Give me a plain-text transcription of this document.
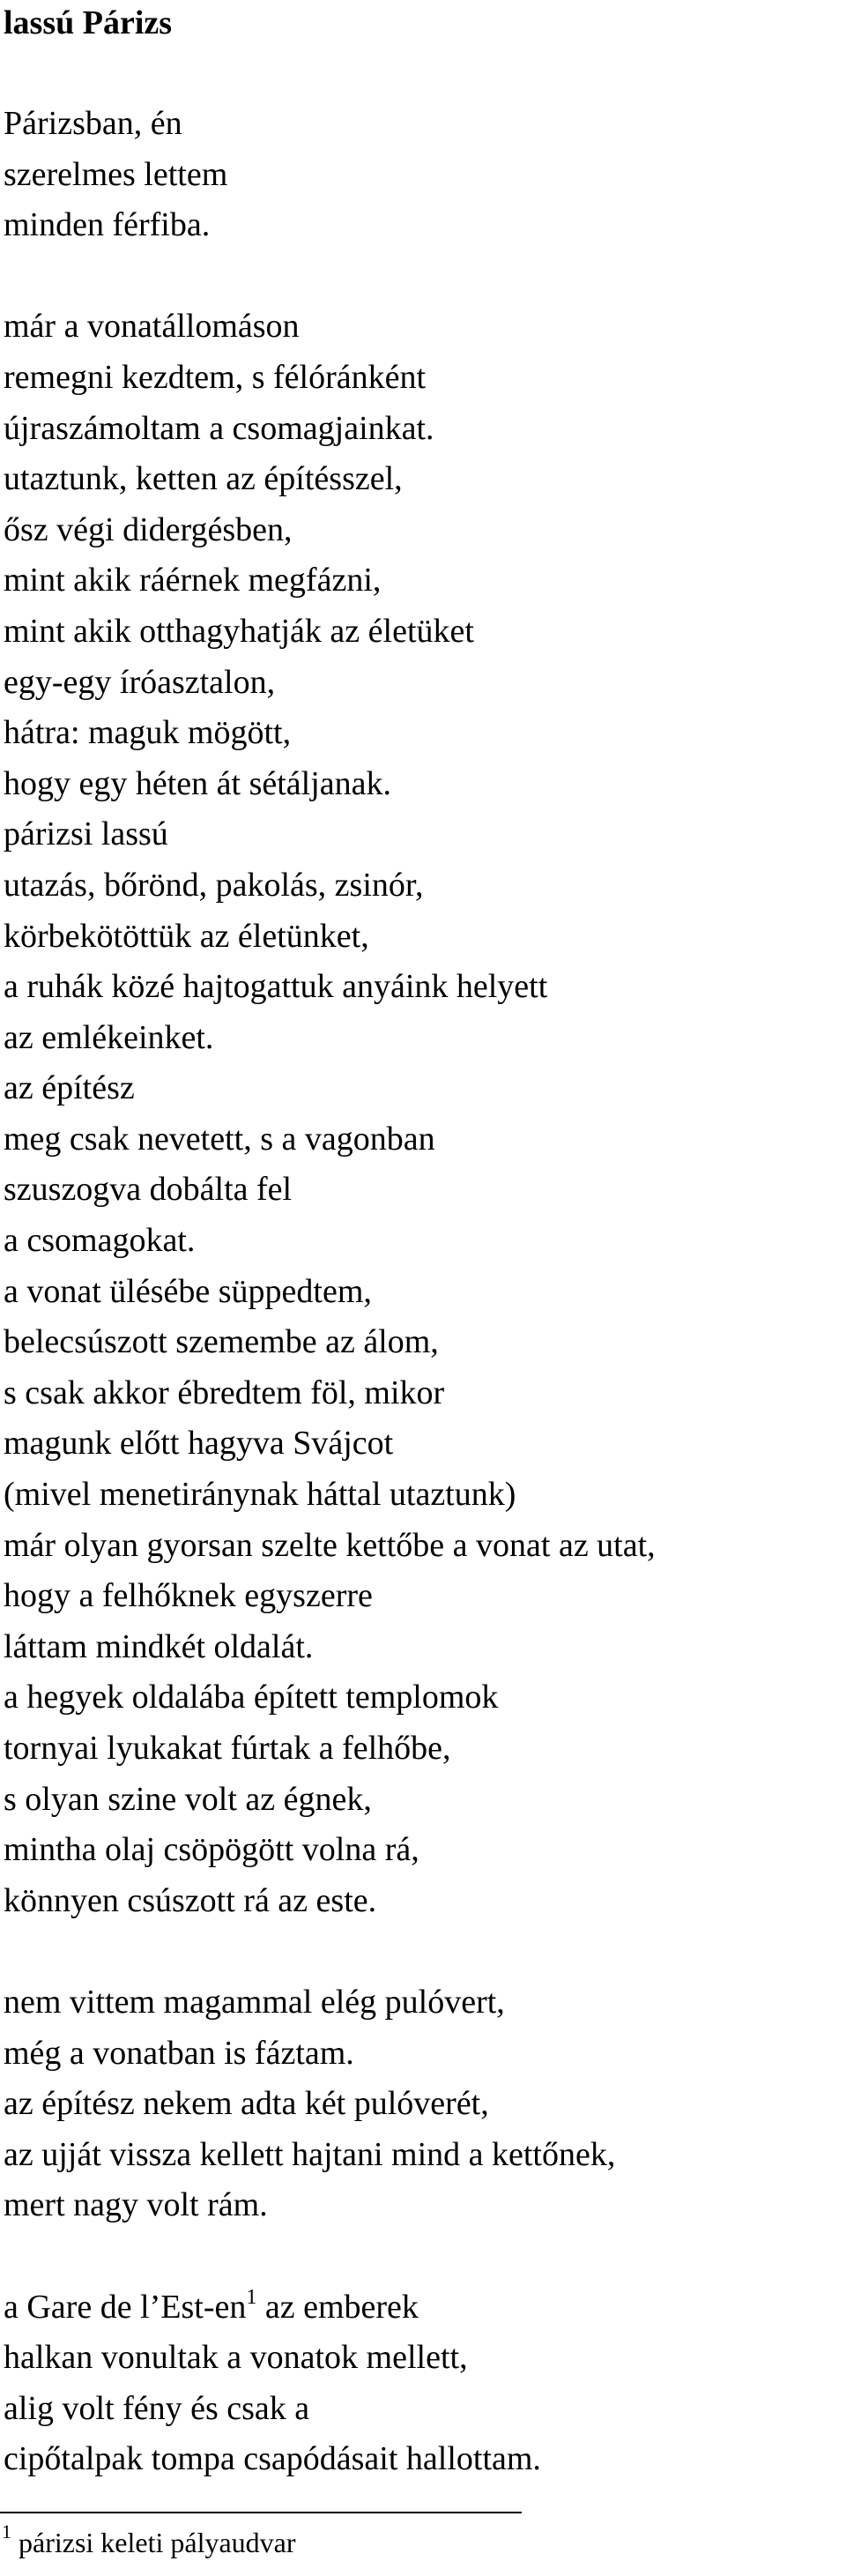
lassú Párizs
Párizsban, én
szerelmes lettem
minden férfiba.
már a vonatállomáson
remegni kezdtem, s félóránként
újraszámoltam a csomagjainkat.
utaztunk, ketten az építésszel,
ősz végi didergésben,
mint akik ráérnek megfázni,
mint akik otthagyhatják az életüket
egy-egy íróasztalon,
hátra: maguk mögött,
hogy egy héten át sétáljanak.
párizsi lassú
utazás, bőrönd, pakolás, zsinór,
körbekötöttük az életünket,
a ruhák közé hajtogattuk anyáink helyett
az emlékeinket.
az építész
meg csak nevetett, s a vagonban
szuszogva dobálta fel
a csomagokat.
a vonat ülésébe süppedtem,
belecsúszott szemembe az álom,
s csak akkor ébredtem föl, mikor
magunk előtt hagyva Svájcot
(mivel menetiránynak háttal utaztunk)
már olyan gyorsan szelte kettőbe a vonat az utat,
hogy a felhőknek egyszerre
láttam mindkét oldalát.
a hegyek oldalába épített templomok
tornyai lyukakat fúrtak a felhőbe,
s olyan szine volt az égnek,
mintha olaj csöpögött volna rá,
könnyen csúszott rá az este.
nem vittem magammal elég pulóvert,
még a vonatban is fáztam.
az építész nekem adta két pulóverét,
az ujját vissza kellett hajtani mind a kettőnek,
mert nagy volt rám.
a Gare de $l’Est-en^1$ az emberek
halkan vonultak a vonatok mellett,
alig volt fény és csak a
cipőtalpak tompa csapódásait hallottam.
$^1$ párizsi keleti pályaudvar
